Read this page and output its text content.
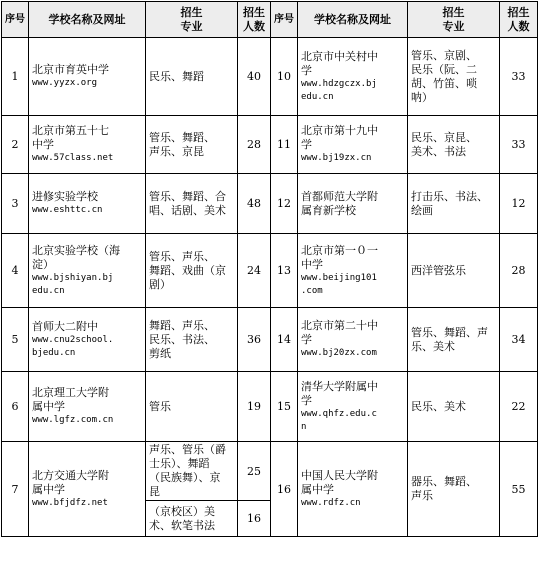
序号	学校名称及网址	招生
专业	招生
人数	序号	学校名称及网址	招生
专业	招生
人数

1	北京市育英中学
www.yyzx.org	民乐、舞蹈	40	10	北京市中关村中
学
www.hdzgczx.bj
edu.cn	管乐、京剧、
民乐（阮、二
胡、竹笛、唢
呐）	33
2	北京市第五十七
中学
www.57class.net	管乐、舞蹈、
声乐、京昆	28	11	北京市第十九中
学
www.bj19zx.cn	民乐、京昆、
美术、书法	33
3	进修实验学校
www.eshttc.cn	管乐、舞蹈、合
唱、话剧、美术	48	12	首都师范大学附
属育新学校	打击乐、书法、
绘画	12
4	北京实验学校（海
淀）
www.bjshiyan.bj
edu.cn	管乐、声乐、
舞蹈、戏曲（京
剧）	24	13	北京市第一０一
中学
www.beijing101
.com	西洋管弦乐	28
5	首师大二附中
www.cnu2school.
bjedu.cn	舞蹈、声乐、
民乐、书法、
剪纸	36	14	北京市第二十中
学
www.bj20zx.com	管乐、舞蹈、声
乐、美术	34
6	北京理工大学附
属中学
www.lgfz.com.cn	管乐	19	15	清华大学附属中
学
www.qhfz.edu.c
n	民乐、美术	22
7	北方交通大学附
属中学
www.bfjdfz.net	声乐、管乐（爵
士乐）、舞蹈
（民族舞）、京
昆	25	16	中国人民大学附
属中学
www.rdfz.cn	器乐、舞蹈、
声乐	55

		（京校区）美
术、软笔书法	16				
